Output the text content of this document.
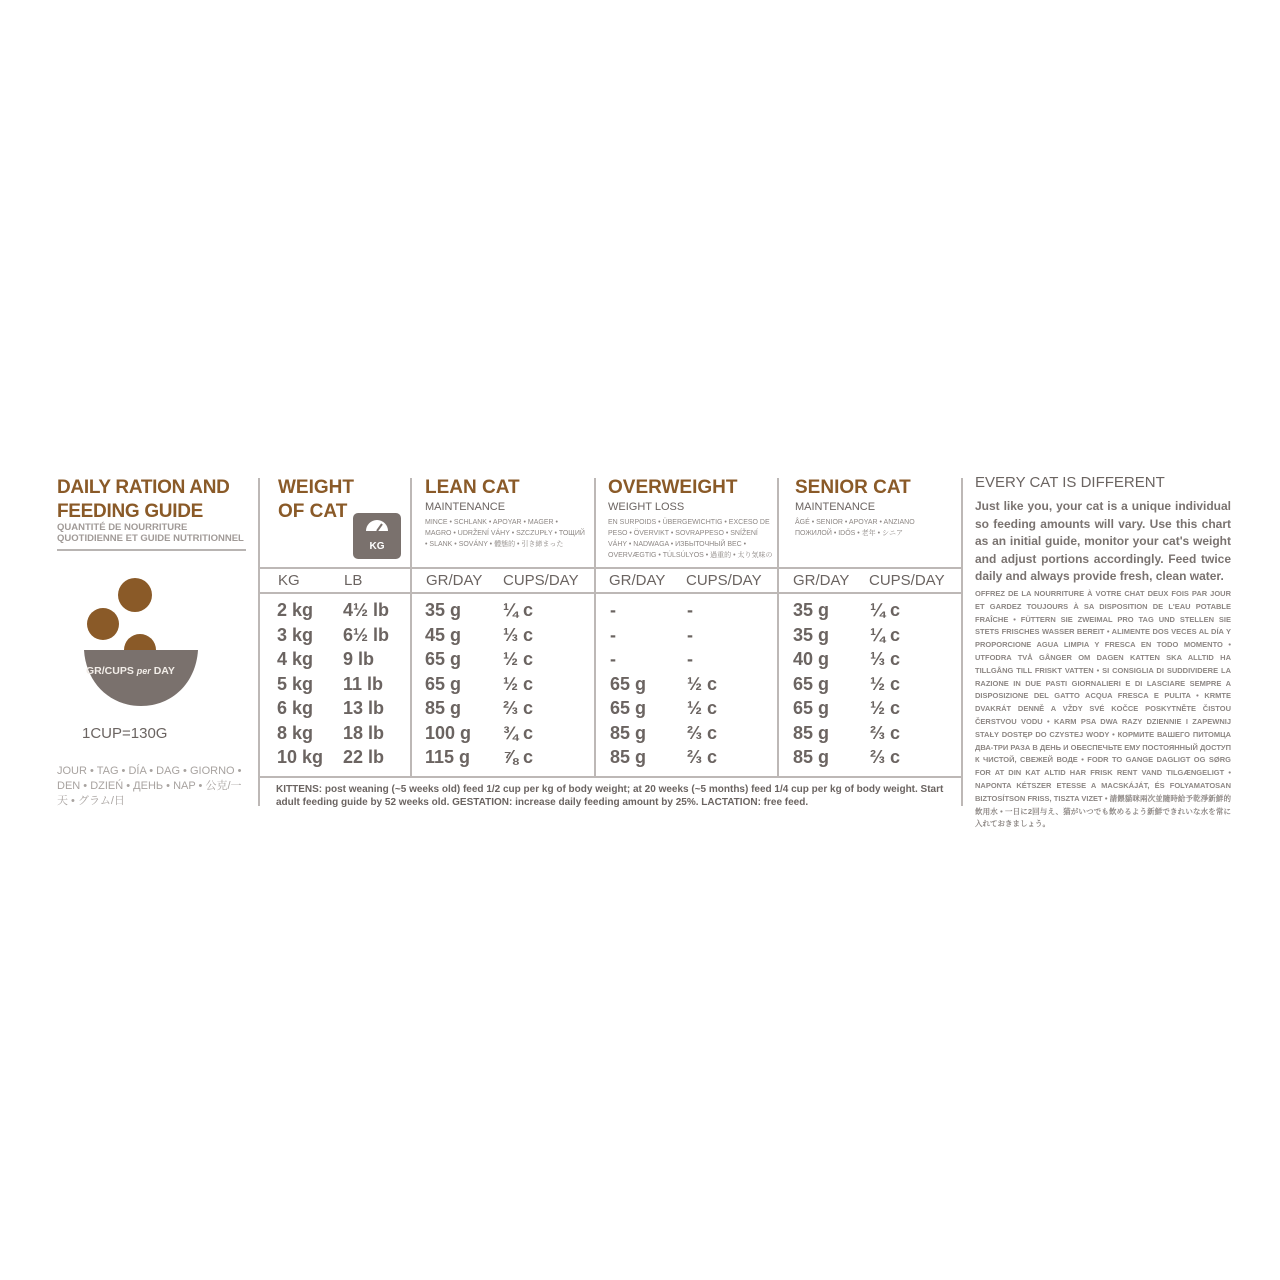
DAILY RATION AND FEEDING GUIDE
QUANTITÉ DE NOURRITURE QUOTIDIENNE ET GUIDE NUTRITIONNEL
GR/CUPS per DAY
1CUP=130G
JOUR • TAG • DÍA • DAG • GIORNO • DEN • DZIEŃ • ДЕНЬ • NAP • 公克/一天 • グラム/日
WEIGHT
OF CAT
KG
KG	LB
LEAN CAT
MAINTENANCE
MINCE • SCHLANK • APOYAR • MAGER • MAGRO • UDRŽENÍ VÁHY • SZCZUPŁY • ТОЩИЙ • SLANK • SOVÁNY • 體態的 • 引き締まった
GR/DAY CUPS/DAY
OVERWEIGHT
WEIGHT LOSS
EN SURPOIDS • ÜBERGEWICHTIG • EXCESO DE PESO • ÖVERVIKT • SOVRAPPESO • SNÍŽENÍ VÁHY • NADWAGA • ИЗБЫТОЧНЫЙ ВЕС • OVERVÆGTIG • TÚLSÚLYOS • 過重的 • 太り気味の
GR/DAY CUPS/DAY
SENIOR CAT
MAINTENANCE
ÂGÉ • SENIOR • APOYAR • ANZIANO ПОЖИЛОЙ • IDŐS • 老年 • シニア
GR/DAY CUPS/DAY
2 kg 4½ lb 35 g ¼ c	-	-	35 g ¼ c
3 kg 6½ lb 45 g ⅓ c	-	-	35 g ¼ c
4 kg 9 lb	65 g ½ c	-	-	40 g ⅓ c
5 kg 11 lb 65 g ½ c	65 g ½ c	65 g ½ c
6 kg 13 lb 85 g ⅔ c	65 g ½ c	65 g ½ c
8 kg 18 lb 100 g ¾ c	85 g ⅔ c	85 g ⅔ c
10 kg 22 lb 115 g ⅞ c	85 g ⅔ c	85 g ⅔ c
KITTENS: post weaning (~5 weeks old) feed 1/2 cup per kg of body weight; at 20 weeks (~5 months) feed 1/4 cup per kg of body weight. Start adult feeding guide by 52 weeks old. GESTATION: increase daily feeding amount by 25%. LACTATION: free feed.
EVERY CAT IS DIFFERENT
Just like you, your cat is a unique individual so feeding amounts will vary. Use this chart as an initial guide, monitor your cat's weight and adjust portions accordingly. Feed twice daily and always provide fresh, clean water.
OFFREZ DE LA NOURRITURE À VOTRE CHAT DEUX FOIS PAR JOUR ET GARDEZ TOUJOURS À SA DISPOSITION DE L'EAU POTABLE FRAÎCHE • FÜTTERN SIE ZWEIMAL PRO TAG UND STELLEN SIE STETS FRISCHES WASSER BEREIT • ALIMENTE DOS VECES AL DÍA Y PROPORCIONE AGUA LIMPIA Y FRESCA EN TODO MOMENTO • UTFODRA TVÅ GÅNGER OM DAGEN KATTEN SKA ALLTID HA TILLGÅNG TILL FRISKT VATTEN • SI CONSIGLIA DI SUDDIVIDERE LA RAZIONE IN DUE PASTI GIORNALIERI E DI LASCIARE SEMPRE A DISPOSIZIONE DEL GATTO ACQUA FRESCA E PULITA • KRMTE DVAKRÁT DENNĚ A VŽDY SVÉ KOČCE POSKYTNĚTE ČISTOU ČERSTVOU VODU • KARM PSA DWA RAZY DZIENNIE I ZAPEWNIJ STAŁY DOSTĘP DO CZYSTEJ WODY • КОРМИТЕ ВАШЕГО ПИТОМЦА ДВА-ТРИ РАЗА В ДЕНЬ И ОБЕСПЕЧЬТЕ ЕМУ ПОСТОЯННЫЙ ДОСТУП К ЧИСТОЙ, СВЕЖЕЙ ВОДЕ • FODR TO GANGE DAGLIGT OG SØRG FOR AT DIN KAT ALTID HAR FRISK RENT VAND TILGÆNGELIGT • NAPONTA KÉTSZER ETESSE A MACSKÁJÁT, ÉS FOLYAMATOSAN BIZTOSÍTSON FRISS, TISZTA VIZET • 請餵貓咪兩次並隨時給予乾淨新鮮的飲用水 • 一日に2回与え、猫がいつでも飲めるよう新鮮できれいな水を常に入れておきましょう。
